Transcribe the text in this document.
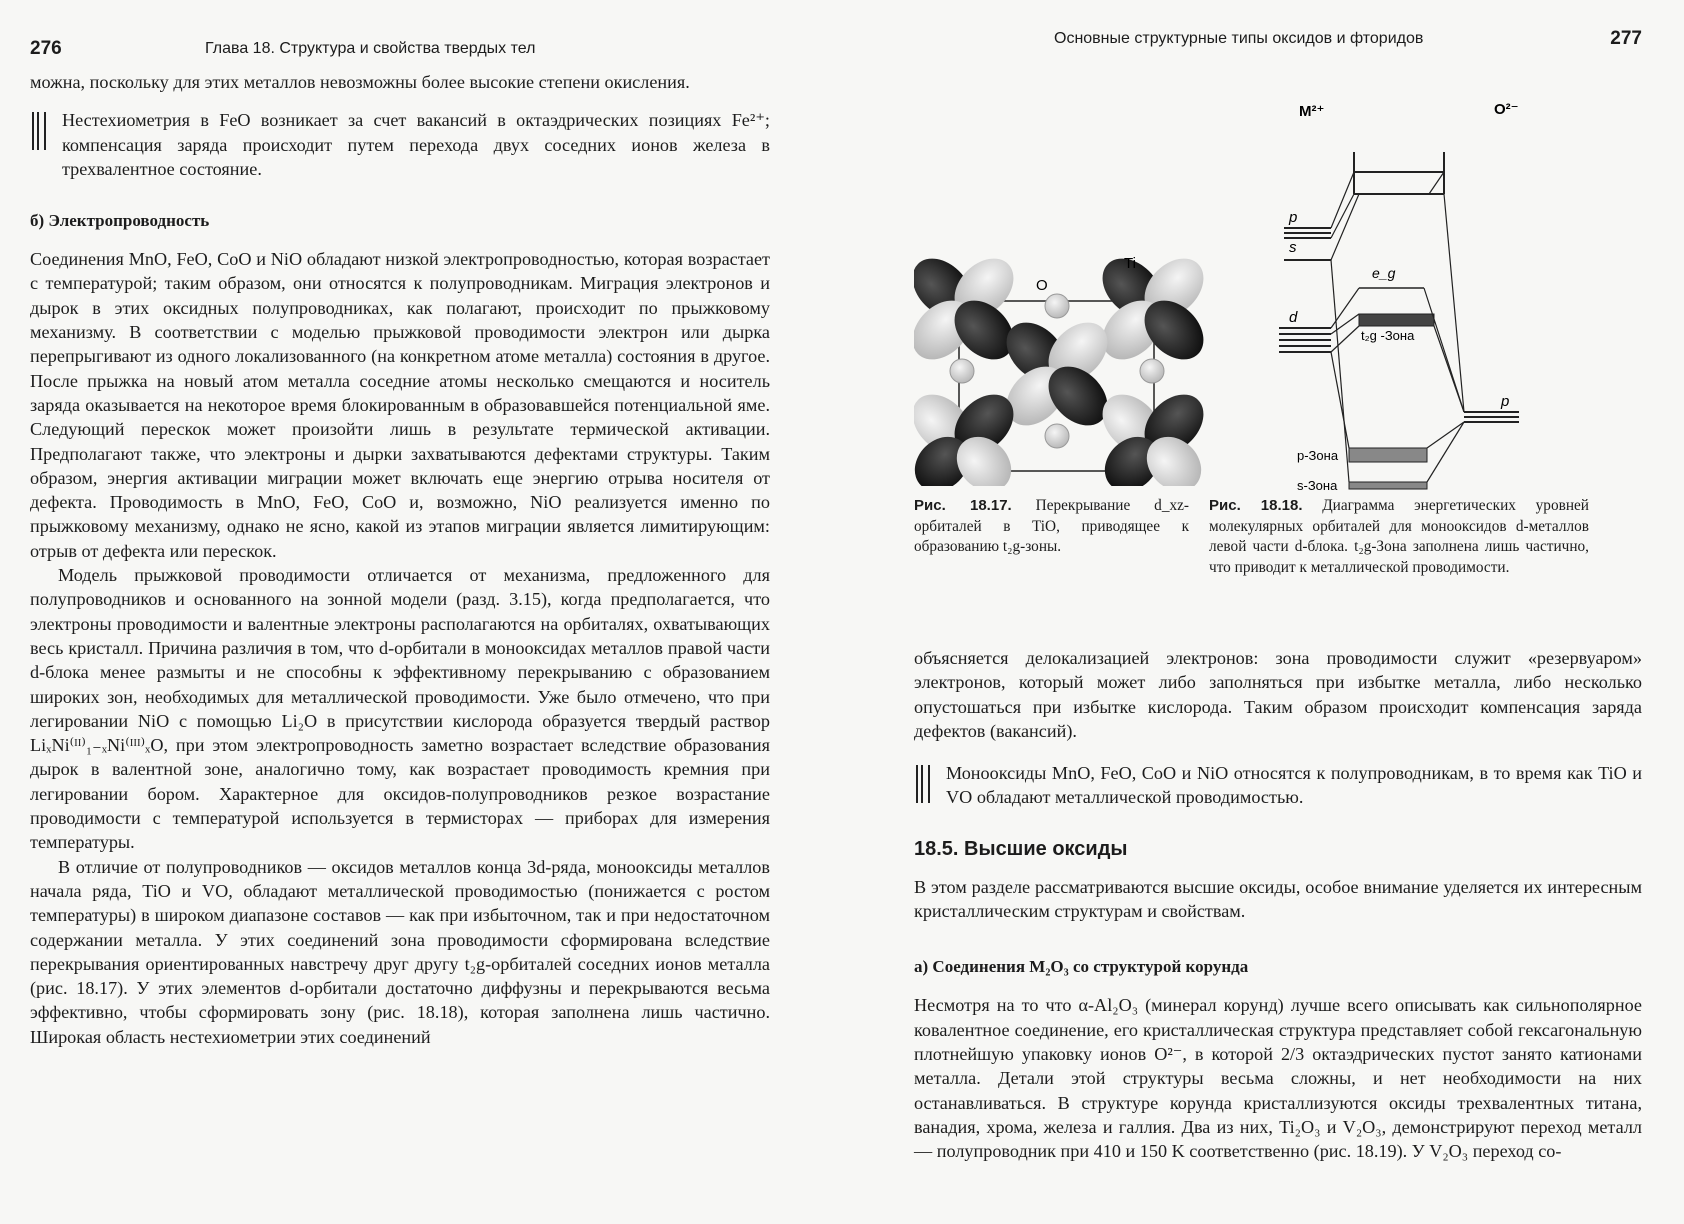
276	Глава 18. Структура и свойства твердых тел

можна, поскольку для этих металлов невозможны более высокие степени окисления.

Нестехиометрия в FeO возникает за счет вакансий в октаэдрических позициях Fe²⁺; компенсация заряда происходит путем перехода двух соседних ионов железа в трехвалентное состояние.

б) Электропроводность

Соединения MnO, FeO, CoO и NiO обладают низкой электропроводностью, которая возрастает с температурой; таким образом, они относятся к полупроводникам. Миграция электронов и дырок в этих оксидных полупроводниках, как полагают, происходит по прыжковому механизму. В соответствии с моделью прыжковой проводимости электрон или дырка перепрыгивают из одного локализованного (на конкретном атоме металла) состояния в другое. После прыжка на новый атом металла соседние атомы несколько смещаются и носитель заряда оказывается на некоторое время блокированным в образовавшейся потенциальной яме. Следующий перескок может произойти лишь в результате термической активации. Предполагают также, что электроны и дырки захватываются дефектами структуры. Таким образом, энергия активации миграции может включать еще энергию отрыва носителя от дефекта. Проводимость в MnO, FeO, CoO и, возможно, NiO реализуется именно по прыжковому механизму, однако не ясно, какой из этапов миграции является лимитирующим: отрыв от дефекта или перескок.

Модель прыжковой проводимости отличается от механизма, предложенного для полупроводников и основанного на зонной модели (разд. 3.15), когда предполагается, что электроны проводимости и валентные электроны располагаются на орбиталях, охватывающих весь кристалл. Причина различия в том, что d-орбитали в монооксидах металлов правой части d-блока менее размыты и не способны к эффективному перекрыванию с образованием широких зон, необходимых для металлической проводимости. Уже было отмечено, что при легировании NiO с помощью Li₂O в присутствии кислорода образуется твердый раствор LiₓNi⁽ᴵᴵ⁾₁₋ₓNi⁽ᴵᴵᴵ⁾ₓO, при этом электропроводность заметно возрастает вследствие образования дырок в валентной зоне, аналогично тому, как возрастает проводимость кремния при легировании бором. Характерное для оксидов-полупроводников резкое возрастание проводимости с температурой используется в термисторах — приборах для измерения температуры.

В отличие от полупроводников — оксидов металлов конца 3d-ряда, монооксиды металлов начала ряда, TiO и VO, обладают металлической проводимостью (понижается с ростом температуры) в широком диапазоне составов — как при избыточном, так и при недостаточном содержании металла. У этих соединений зона проводимости сформирована вследствие перекрывания ориентированных навстречу друг другу t₂g-орбиталей соседних ионов металла (рис. 18.17). У этих элементов d-орбитали достаточно диффузны и перекрываются весьма эффективно, чтобы сформировать зону (рис. 18.18), которая заполнена лишь частично. Широкая область нестехиометрии этих соединений

Основные структурные типы оксидов и фторидов	277
O
Ti
Рис. 18.17. Перекрывание d_xz-орбиталей в TiO, приводящее к образованию t₂g-зоны.
M²⁺	O²⁻
p
s
d
e_g
t₂g -Зона
p
p-Зона
s-Зона
Рис. 18.18. Диаграмма энергетических уровней молекулярных орбиталей для монооксидов d-металлов левой части d-блока. t₂g-Зона заполнена лишь частично, что приводит к металлической проводимости.

объясняется делокализацией электронов: зона проводимости служит «резервуаром» электронов, который может либо заполняться при избытке металла, либо несколько опустошаться при избытке кислорода. Таким образом происходит компенсация заряда дефектов (вакансий).

Монооксиды MnO, FeO, CoO и NiO относятся к полупроводникам, в то время как TiO и VO обладают металлической проводимостью.

18.5. Высшие оксиды

В этом разделе рассматриваются высшие оксиды, особое внимание уделяется их интересным кристаллическим структурам и свойствам.

а) Соединения M₂O₃ со структурой корунда

Несмотря на то что α-Al₂O₃ (минерал корунд) лучше всего описывать как сильнополярное ковалентное соединение, его кристаллическая структура представляет собой гексагональную плотнейшую упаковку ионов O²⁻, в которой 2/3 октаэдрических пустот занято катионами металла. Детали этой структуры весьма сложны, и нет необходимости на них останавливаться. В структуре корунда кристаллизуются оксиды трехвалентных титана, ванадия, хрома, железа и галлия. Два из них, Ti₂O₃ и V₂O₃, демонстрируют переход металл — полупроводник при 410 и 150 K соответственно (рис. 18.19). У V₂O₃ переход со-
